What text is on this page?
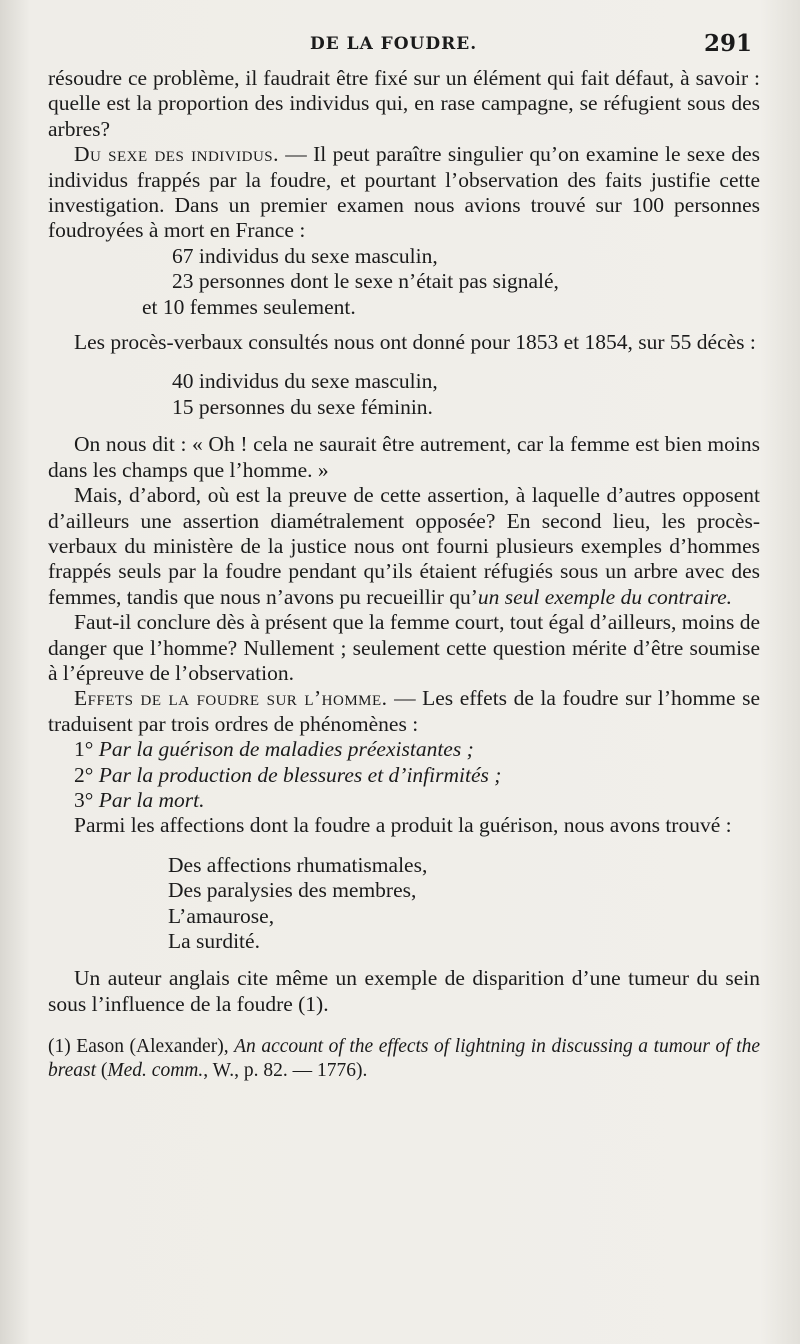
DE LA FOUDRE.	291

résoudre ce problème, il faudrait être fixé sur un élément qui fait défaut, à savoir : quelle est la proportion des individus qui, en rase campagne, se réfugient sous des arbres?

Du sexe des individus. — Il peut paraître singulier qu’on examine le sexe des individus frappés par la foudre, et pourtant l’observation des faits justifie cette investigation. Dans un premier examen nous avions trouvé sur 100 personnes foudroyées à mort en France :

67 individus du sexe masculin,
23 personnes dont le sexe n’était pas signalé,
et 10 femmes seulement.

Les procès-verbaux consultés nous ont donné pour 1853 et 1854, sur 55 décès :

40 individus du sexe masculin,
15 personnes du sexe féminin.

On nous dit : « Oh ! cela ne saurait être autrement, car la femme est bien moins dans les champs que l’homme. »

Mais, d’abord, où est la preuve de cette assertion, à laquelle d’autres opposent d’ailleurs une assertion diamétralement opposée? En second lieu, les procès-verbaux du ministère de la justice nous ont fourni plusieurs exemples d’hommes frappés seuls par la foudre pendant qu’ils étaient réfugiés sous un arbre avec des femmes, tandis que nous n’avons pu recueillir qu’un seul exemple du contraire.

Faut-il conclure dès à présent que la femme court, tout égal d’ailleurs, moins de danger que l’homme? Nullement ; seulement cette question mérite d’être soumise à l’épreuve de l’observation.

Effets de la foudre sur l’homme. — Les effets de la foudre sur l’homme se traduisent par trois ordres de phénomènes :

1° Par la guérison de maladies préexistantes ;
2° Par la production de blessures et d’infirmités ;
3° Par la mort.

Parmi les affections dont la foudre a produit la guérison, nous avons trouvé :

Des affections rhumatismales,
Des paralysies des membres,
L’amaurose,
La surdité.

Un auteur anglais cite même un exemple de disparition d’une tumeur du sein sous l’influence de la foudre (1).

(1) Eason (Alexander), An account of the effects of lightning in discussing a tumour of the breast (Med. comm., W., p. 82. — 1776).
